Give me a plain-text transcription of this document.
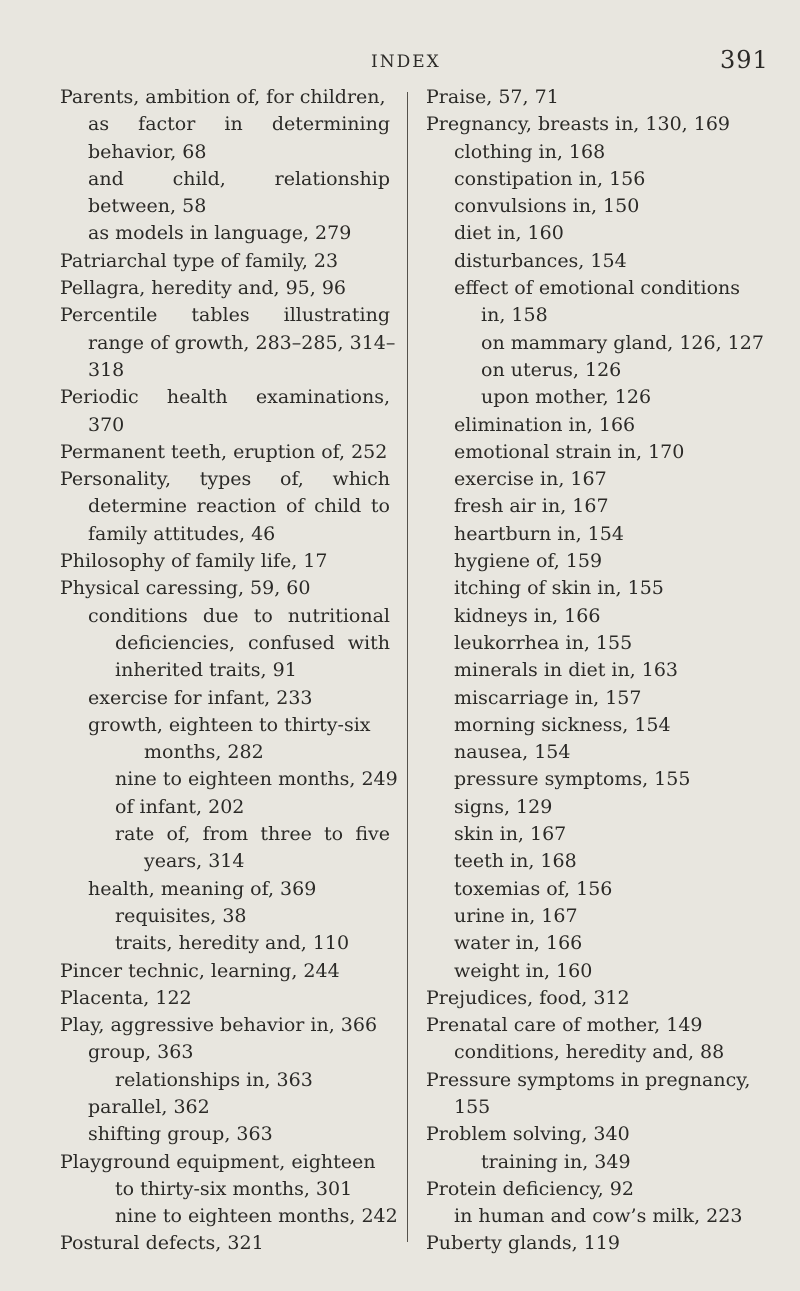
INDEX	391
Parents, ambition of, for children,
as factor in determining
behavior, 68
and child, relationship
between, 58
as models in language, 279
Patriarchal type of family, 23
Pellagra, heredity and, 95, 96
Percentile tables illustrating
range of growth, 283–285, 314–
318
Periodic health examinations,
370
Permanent teeth, eruption of, 252
Personality, types of, which
determine reaction of child to
family attitudes, 46
Philosophy of family life, 17
Physical caressing, 59, 60
conditions due to nutritional
deficiencies, confused with
inherited traits, 91
exercise for infant, 233
growth, eighteen to thirty-six
months, 282
nine to eighteen months, 249
of infant, 202
rate of, from three to five
years, 314
health, meaning of, 369
requisites, 38
traits, heredity and, 110
Pincer technic, learning, 244
Placenta, 122
Play, aggressive behavior in, 366
group, 363
relationships in, 363
parallel, 362
shifting group, 363
Playground equipment, eighteen
to thirty-six months, 301
nine to eighteen months, 242
Postural defects, 321
Praise, 57, 71
Pregnancy, breasts in, 130, 169
clothing in, 168
constipation in, 156
convulsions in, 150
diet in, 160
disturbances, 154
effect of emotional conditions
in, 158
on mammary gland, 126, 127
on uterus, 126
upon mother, 126
elimination in, 166
emotional strain in, 170
exercise in, 167
fresh air in, 167
heartburn in, 154
hygiene of, 159
itching of skin in, 155
kidneys in, 166
leukorrhea in, 155
minerals in diet in, 163
miscarriage in, 157
morning sickness, 154
nausea, 154
pressure symptoms, 155
signs, 129
skin in, 167
teeth in, 168
toxemias of, 156
urine in, 167
water in, 166
weight in, 160
Prejudices, food, 312
Prenatal care of mother, 149
conditions, heredity and, 88
Pressure symptoms in pregnancy,
155
Problem solving, 340
training in, 349
Protein deficiency, 92
in human and cow’s milk, 223
Puberty glands, 119
